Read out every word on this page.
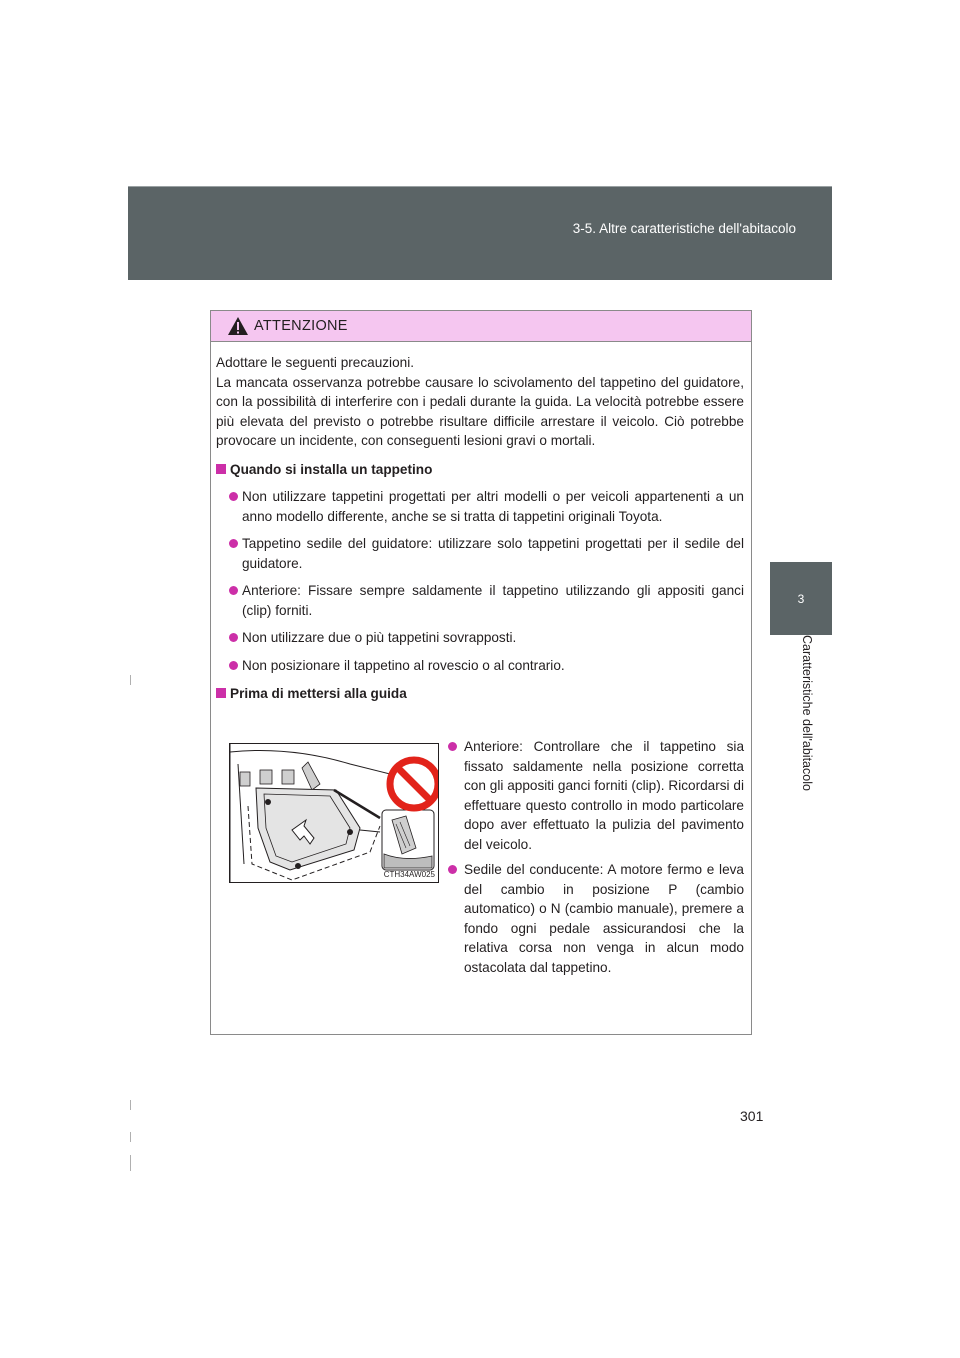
3-5. Altre caratteristiche dell'abitacolo
3
Caratteristiche dell'abitacolo
ATTENZIONE

Adottare le seguenti precauzioni.

La mancata osservanza potrebbe causare lo scivolamento del tappetino del guidatore, con la possibilità di interferire con i pedali durante la guida. La velocità potrebbe essere più elevata del previsto o potrebbe risultare difficile arrestare il veicolo. Ciò potrebbe provocare un incidente, con conseguenti lesioni gravi o mortali.

Quando si installa un tappetino
Non utilizzare tappetini progettati per altri modelli o per veicoli appartenenti a un anno modello differente, anche se si tratta di tappetini originali Toyota.
Tappetino sedile del guidatore: utilizzare solo tappetini progettati per il sedile del guidatore.
Anteriore: Fissare sempre saldamente il tappetino utilizzando gli appositi ganci (clip) forniti.
Non utilizzare due o più tappetini sovrapposti.
Non posizionare il tappetino al rovescio o al contrario.
Prima di mettersi alla guida
CTH34AW025
Anteriore: Controllare che il tappetino sia fissato saldamente nella posizione corretta con gli appositi ganci forniti (clip). Ricordarsi di effettuare questo controllo in modo particolare dopo aver effettuato la pulizia del pavimento del veicolo.
Sedile del conducente: A motore fermo e leva del cambio in posizione P (cambio automatico) o N (cambio manuale), premere a fondo ogni pedale assicurandosi che la relativa corsa non venga in alcun modo ostacolata dal tappetino.
301
